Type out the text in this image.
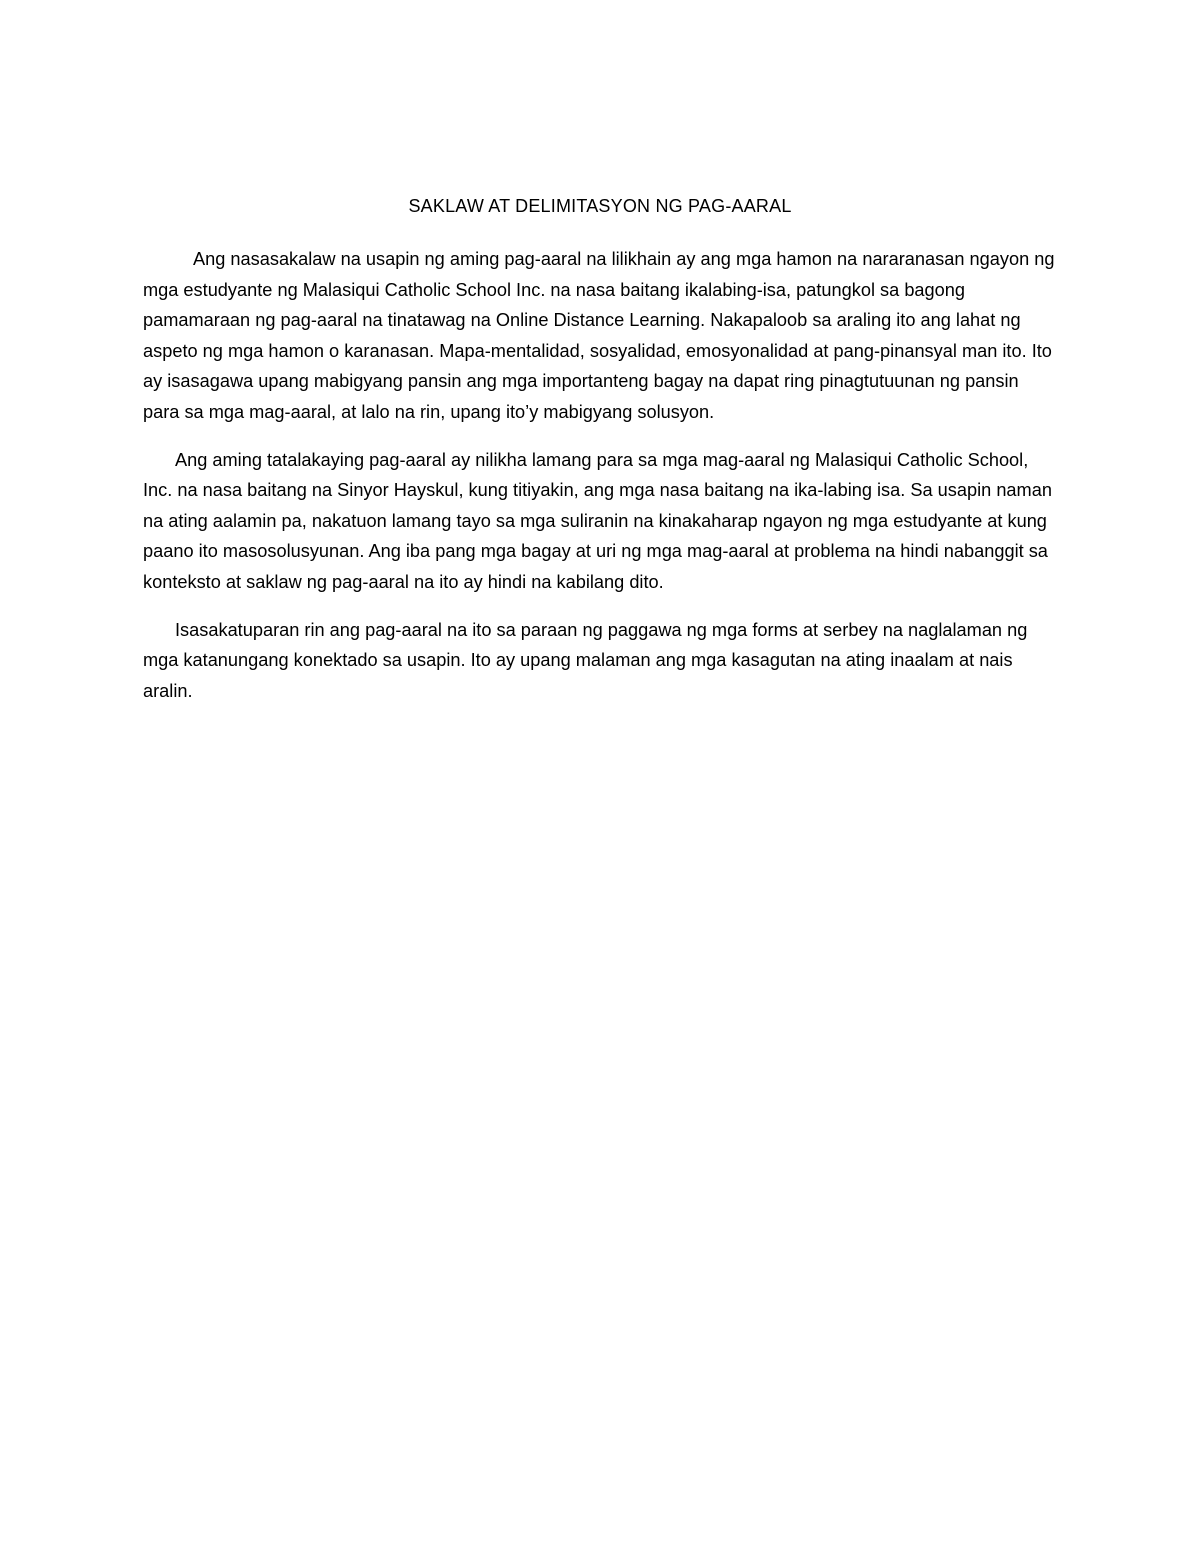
SAKLAW AT DELIMITASYON NG PAG-AARAL

Ang nasasakalaw na usapin ng aming pag-aaral na lilikhain ay ang mga hamon na nararanasan ngayon ng mga estudyante ng Malasiqui Catholic School Inc. na nasa baitang ikalabing-isa, patungkol sa bagong pamamaraan ng pag-aaral na tinatawag na Online Distance Learning. Nakapaloob sa araling ito ang lahat ng aspeto ng mga hamon o karanasan. Mapa-mentalidad, sosyalidad, emosyonalidad at pang-pinansyal man ito. Ito ay isasagawa upang mabigyang pansin ang mga importanteng bagay na dapat ring pinagtutuunan ng pansin para sa mga mag-aaral, at lalo na rin, upang ito’y mabigyang solusyon.

Ang aming tatalakaying pag-aaral ay nilikha lamang para sa mga mag-aaral ng Malasiqui Catholic School, Inc. na nasa baitang na Sinyor Hayskul, kung titiyakin, ang mga nasa baitang na ika-labing isa. Sa usapin naman na ating aalamin pa, nakatuon lamang tayo sa mga suliranin na kinakaharap ngayon ng mga estudyante at kung paano ito masosolusyunan. Ang iba pang mga bagay at uri ng mga mag-aaral at problema na hindi nabanggit sa konteksto at saklaw ng pag-aaral na ito ay hindi na kabilang dito.

Isasakatuparan rin ang pag-aaral na ito sa paraan ng paggawa ng mga forms at serbey na naglalaman ng mga katanungang konektado sa usapin. Ito ay upang malaman ang mga kasagutan na ating inaalam at nais aralin.
